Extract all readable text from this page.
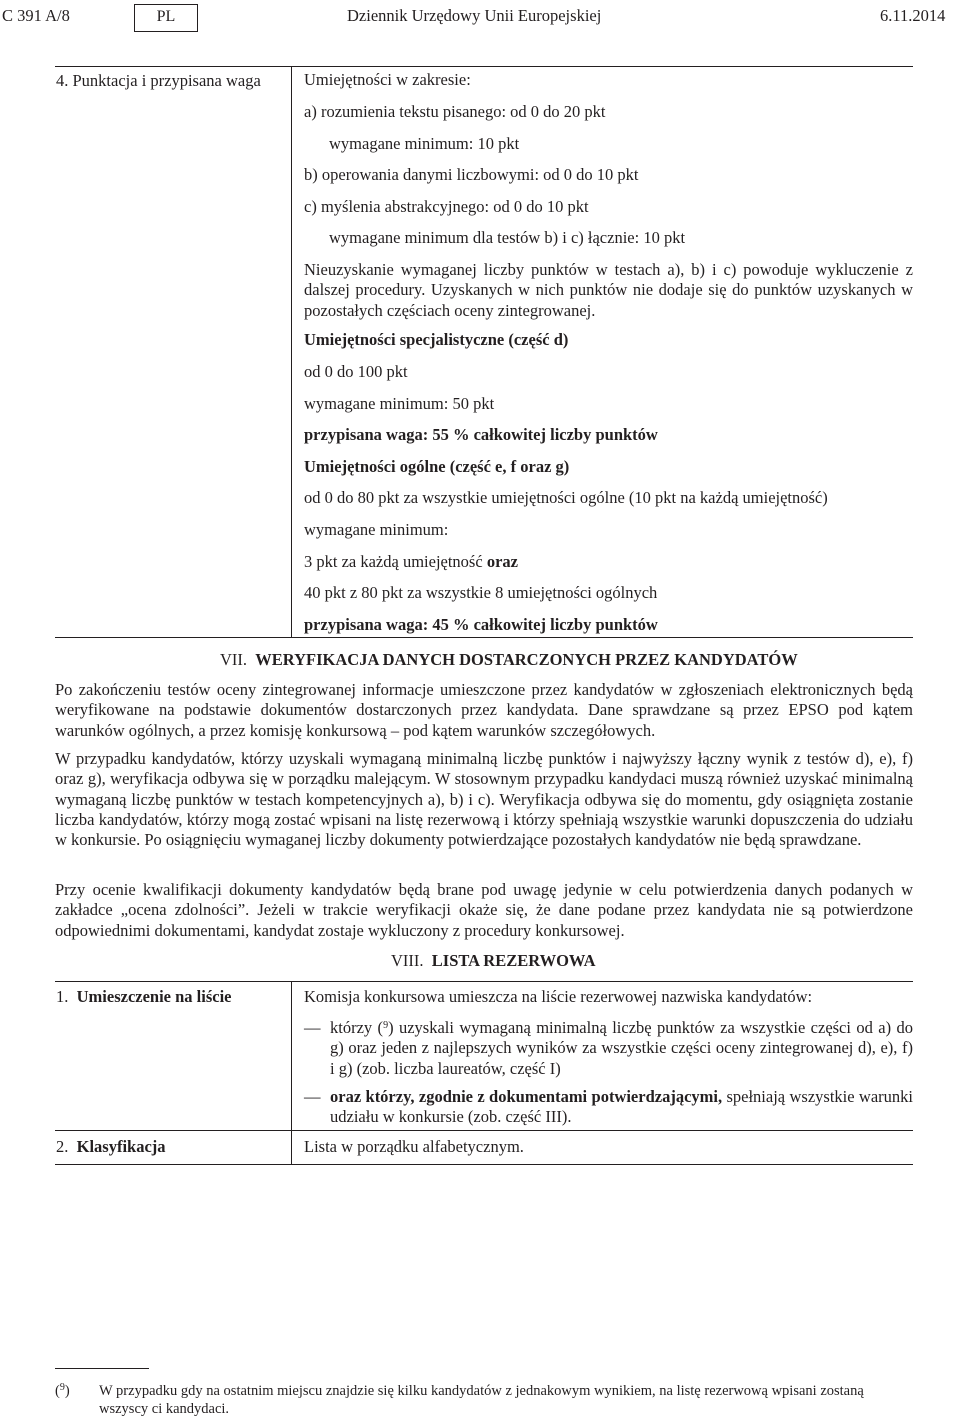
C 391 A/8	PL	Dziennik Urzędowy Unii Europejskiej	6.11.2014
4. Punktacja i przypisana waga	Umiejętności w zakresie:
a) rozumienia tekstu pisanego: od 0 do 20 pkt
wymagane minimum: 10 pkt
b) operowania danymi liczbowymi: od 0 do 10 pkt
c) myślenia abstrakcyjnego: od 0 do 10 pkt
wymagane minimum dla testów b) i c) łącznie: 10 pkt
Nieuzyskanie wymaganej liczby punktów w testach a), b) i c) powoduje wykluczenie z dalszej procedury. Uzyskanych w nich punktów nie dodaje się do punktów uzyskanych w pozostałych częściach oceny zintegrowanej.
Umiejętności specjalistyczne (część d)
od 0 do 100 pkt
wymagane minimum: 50 pkt
przypisana waga: 55 % całkowitej liczby punktów
Umiejętności ogólne (część e, f oraz g)
od 0 do 80 pkt za wszystkie umiejętności ogólne (10 pkt na każdą umiejętność)
wymagane minimum:
3 pkt za każdą umiejętność oraz
40 pkt z 80 pkt za wszystkie 8 umiejętności ogólnych
przypisana waga: 45 % całkowitej liczby punktów
VII. WERYFIKACJA DANYCH DOSTARCZONYCH PRZEZ KANDYDATÓW
Po zakończeniu testów oceny zintegrowanej informacje umieszczone przez kandydatów w zgłoszeniach elektronicznych będą weryfikowane na podstawie dokumentów dostarczonych przez kandydata. Dane sprawdzane są przez EPSO pod kątem warunków ogólnych, a przez komisję konkursową – pod kątem warunków szczegółowych.
W przypadku kandydatów, którzy uzyskali wymaganą minimalną liczbę punktów i najwyższy łączny wynik z testów d), e), f) oraz g), weryfikacja odbywa się w porządku malejącym. W stosownym przypadku kandydaci muszą również uzyskać minimalną wymaganą liczbę punktów w testach kompetencyjnych a), b) i c). Weryfikacja odbywa się do momentu, gdy osiągnięta zostanie liczba kandydatów, którzy mogą zostać wpisani na listę rezerwową i którzy spełniają wszystkie warunki dopuszczenia do udziału w konkursie. Po osiągnięciu wymaganej liczby dokumenty potwierdzające pozostałych kandydatów nie będą sprawdzane.
Przy ocenie kwalifikacji dokumenty kandydatów będą brane pod uwagę jedynie w celu potwierdzenia danych podanych w zakładce „ocena zdolności”. Jeżeli w trakcie weryfikacji okaże się, że dane podane przez kandydata nie są potwierdzone odpowiednimi dokumentami, kandydat zostaje wykluczony z procedury konkursowej.
VIII. LISTA REZERWOWA
1. Umieszczenie na liście	Komisja konkursowa umieszcza na liście rezerwowej nazwiska kandydatów:
— którzy ($^9$) uzyskali wymaganą minimalną liczbę punktów za wszystkie części od a) do g) oraz jeden z najlepszych wyników za wszystkie części oceny zintegrowanej d), e), f) i g) (zob. liczba laureatów, część I)
— oraz którzy, zgodnie z dokumentami potwierdzającymi, spełniają wszystkie warunki udziału w konkursie (zob. część III).
2. Klasyfikacja	Lista w porządku alfabetycznym.
($^9$) W przypadku gdy na ostatnim miejscu znajdzie się kilku kandydatów z jednakowym wynikiem, na listę rezerwową wpisani zostaną wszyscy ci kandydaci.
